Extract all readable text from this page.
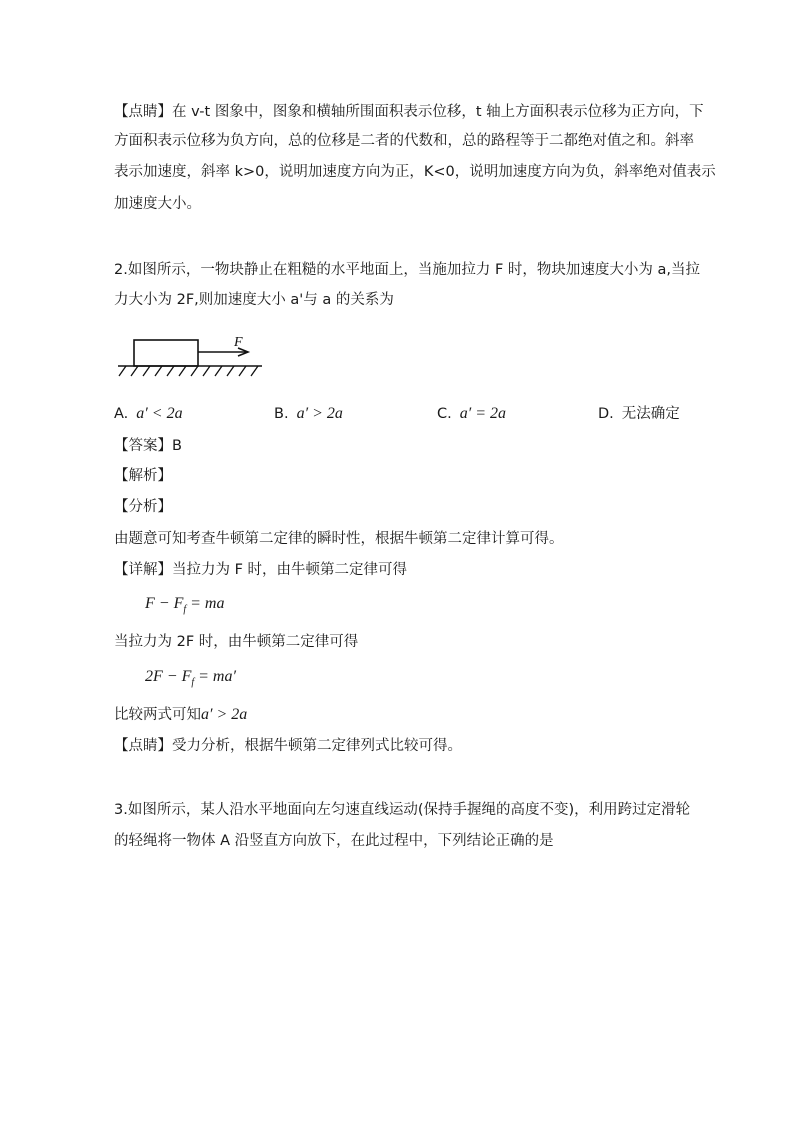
【点睛】在 v-t 图象中，图象和横轴所围面积表示位移，t 轴上方面积表示位移为正方向，下
方面积表示位移为负方向，总的位移是二者的代数和，总的路程等于二都绝对值之和。斜率
表示加速度，斜率 k>0，说明加速度方向为正，K<0，说明加速度方向为负，斜率绝对值表示
加速度大小。
2.如图所示，一物块静止在粗糙的水平地面上，当施加拉力 F 时，物块加速度大小为 a,当拉
力大小为 2F,则加速度大小 a'与 a 的关系为
F
A. a′ < 2a	B. a′ > 2a	C. a′ = 2a	D. 无法确定
【答案】B
【解析】
【分析】
由题意可知考查牛顿第二定律的瞬时性，根据牛顿第二定律计算可得。
【详解】当拉力为 F 时，由牛顿第二定律可得
$F - F_f$ = ma
当拉力为 2F 时，由牛顿第二定律可得
$2F - F_f = ma'$
比较两式可知a′ > 2a
【点睛】受力分析，根据牛顿第二定律列式比较可得。
3.如图所示，某人沿水平地面向左匀速直线运动(保持手握绳的高度不变)，利用跨过定滑轮
的轻绳将一物体 A 沿竖直方向放下，在此过程中，下列结论正确的是
